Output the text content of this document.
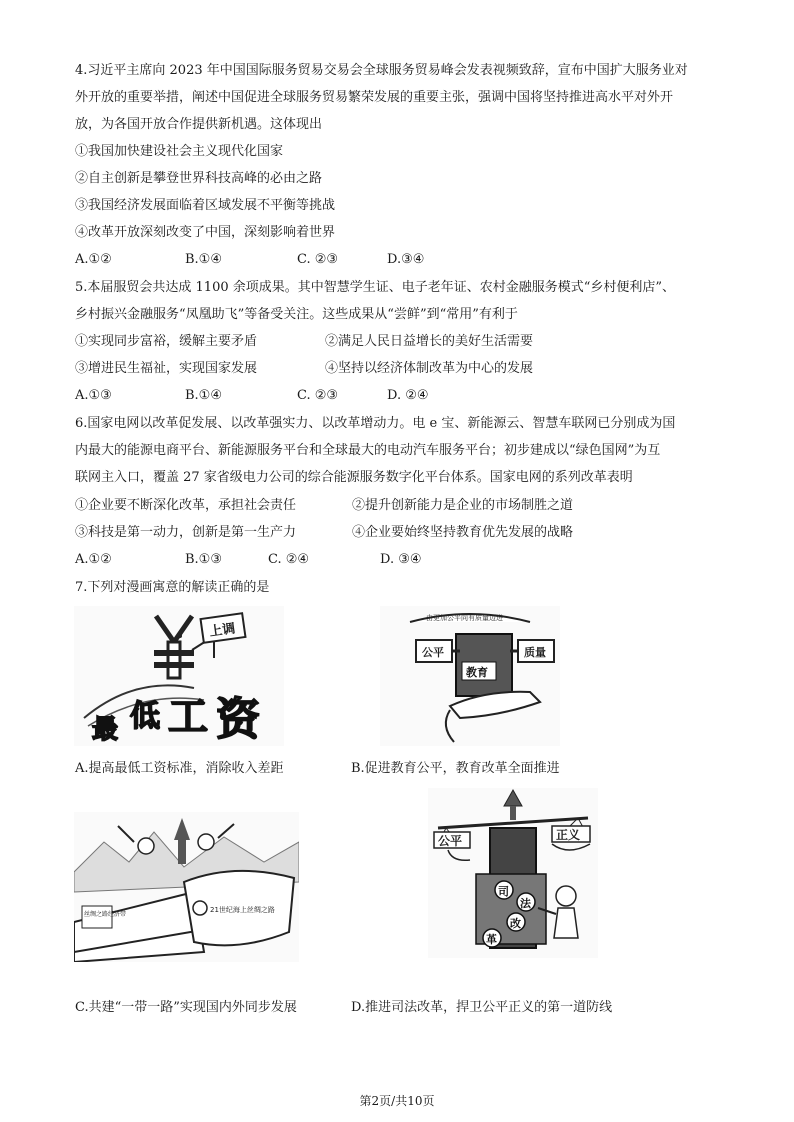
4.习近平主席向 2023 年中国国际服务贸易交易会全球服务贸易峰会发表视频致辞，宣布中国扩大服务业对
外开放的重要举措，阐述中国促进全球服务贸易繁荣发展的重要主张，强调中国将坚持推进高水平对外开
放，为各国开放合作提供新机遇。这体现出
①我国加快建设社会主义现代化国家
②自主创新是攀登世界科技高峰的必由之路
③我国经济发展面临着区域发展不平衡等挑战
④改革开放深刻改变了中国，深刻影响着世界
A.①②	B.①④	C. ②③	D.③④
5.本届服贸会共达成 1100 余项成果。其中智慧学生证、电子老年证、农村金融服务模式“乡村便利店”、
乡村振兴金融服务“凤凰助飞”等备受关注。这些成果从“尝鲜”到“常用”有利于
①实现同步富裕，缓解主要矛盾	②满足人民日益增长的美好生活需要
③增进民生福祉，实现国家发展	④坚持以经济体制改革为中心的发展
A.①③	B.①④	C. ②③	D. ②④
6.国家电网以改革促发展、以改革强实力、以改革增动力。电 e 宝、新能源云、智慧车联网已分别成为国
内最大的能源电商平台、新能源服务平台和全球最大的电动汽车服务平台；初步建成以“绿色国网”为互
联网主入口，覆盖 27 家省级电力公司的综合能源服务数字化平台体系。国家电网的系列改革表明
①企业要不断深化改革，承担社会责任	②提升创新能力是企业的市场制胜之道
③科技是第一动力，创新是第一生产力	④企业要始终坚持教育优先发展的战略
A.①②	B.①③	C. ②④	D. ③④
7.下列对漫画寓意的解读正确的是
上调
最 低 工 资
由更加公平向有质量迈进
公平	质量
教育
A.提高最低工资标准，消除收入差距	B.促进教育公平，教育改革全面推进
丝绸之路经济带
21世纪海上丝绸之路
公平	正义
司
法
改
革
C.共建“一带一路”实现国内外同步发展	D.推进司法改革，捍卫公平正义的第一道防线
第2页/共10页
